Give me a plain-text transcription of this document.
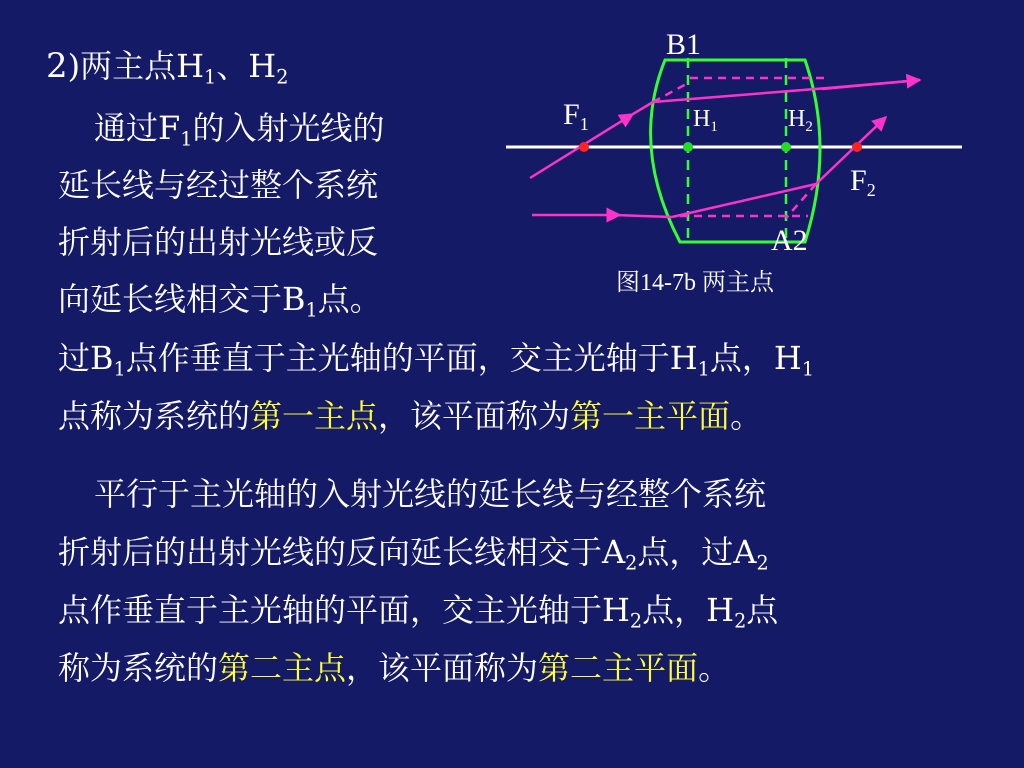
2)两主点$H_1$、$H_2$
通过$F_1$的入射光线的
延长线与经过整个系统
折射后的出射光线或反
向延长线相交于$B_1$点。
过$B_1$点作垂直于主光轴的平面，交主光轴于$H_1$点，$H_1$
点称为系统的第一主点，该平面称为第一主平面。
平行于主光轴的入射光线的延长线与经整个系统
折射后的出射光线的反向延长线相交于$A_2$点，过$A_2$
点作垂直于主光轴的平面，交主光轴于$H_2$点，$H_2$点
称为系统的第二主点，该平面称为第二主平面。
B1
A2
$F_1$
$F_2$
$H_1$	$H_2$
图14-7b 两主点
